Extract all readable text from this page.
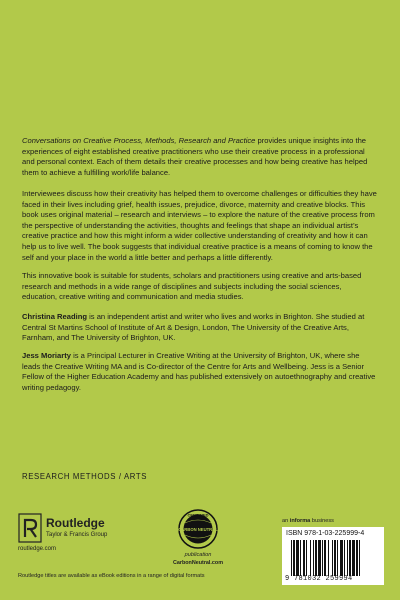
Conversations on Creative Process, Methods, Research and Practice provides unique insights into the experiences of eight established creative practitioners who use their creative process in a professional and personal context. Each of them details their creative processes and how being creative has helped them to achieve a fulfilling work/life balance.

Interviewees discuss how their creativity has helped them to overcome challenges or difficulties they have faced in their lives including grief, health issues, prejudice, divorce, maternity and creative blocks. This book uses original material – research and interviews – to explore the nature of the creative process from the perspective of understanding the activities, thoughts and feelings that shape an individual artist’s creative practice and how this might inform a wider collective understanding of creativity and how it can help us to live well. The book suggests that individual creative practice is a means of coming to know the self and your place in the world a little better and perhaps a little differently.

This innovative book is suitable for students, scholars and practitioners using creative and arts-based research and methods in a wide range of disciplines and subjects including the social sciences, education, creative writing and communication and media studies.

Christina Reading is an independent artist and writer who lives and works in Brighton. She studied at Central St Martins School of Institute of Art & Design, London, The University of the Creative Arts, Farnham, and The University of Brighton, UK.

Jess Moriarty is a Principal Lecturer in Creative Writing at the University of Brighton, UK, where she leads the Creative Writing MA and is Co-director of the Centre for Arts and Wellbeing. Jess is a Senior Fellow of the Higher Education Academy and has published extensively on autoethnography and creative writing pedagogy.

RESEARCH METHODS / ARTS
Routledge
Taylor & Francis Group
routledge.com
Routledge titles are available as eBook editions in a range of digital formats
CERTIFIED
CARBON NEUTRAL
publication
CarbonNeutral.com
an informa business
ISBN 978-1-03-225999-4
9 781032 259994
